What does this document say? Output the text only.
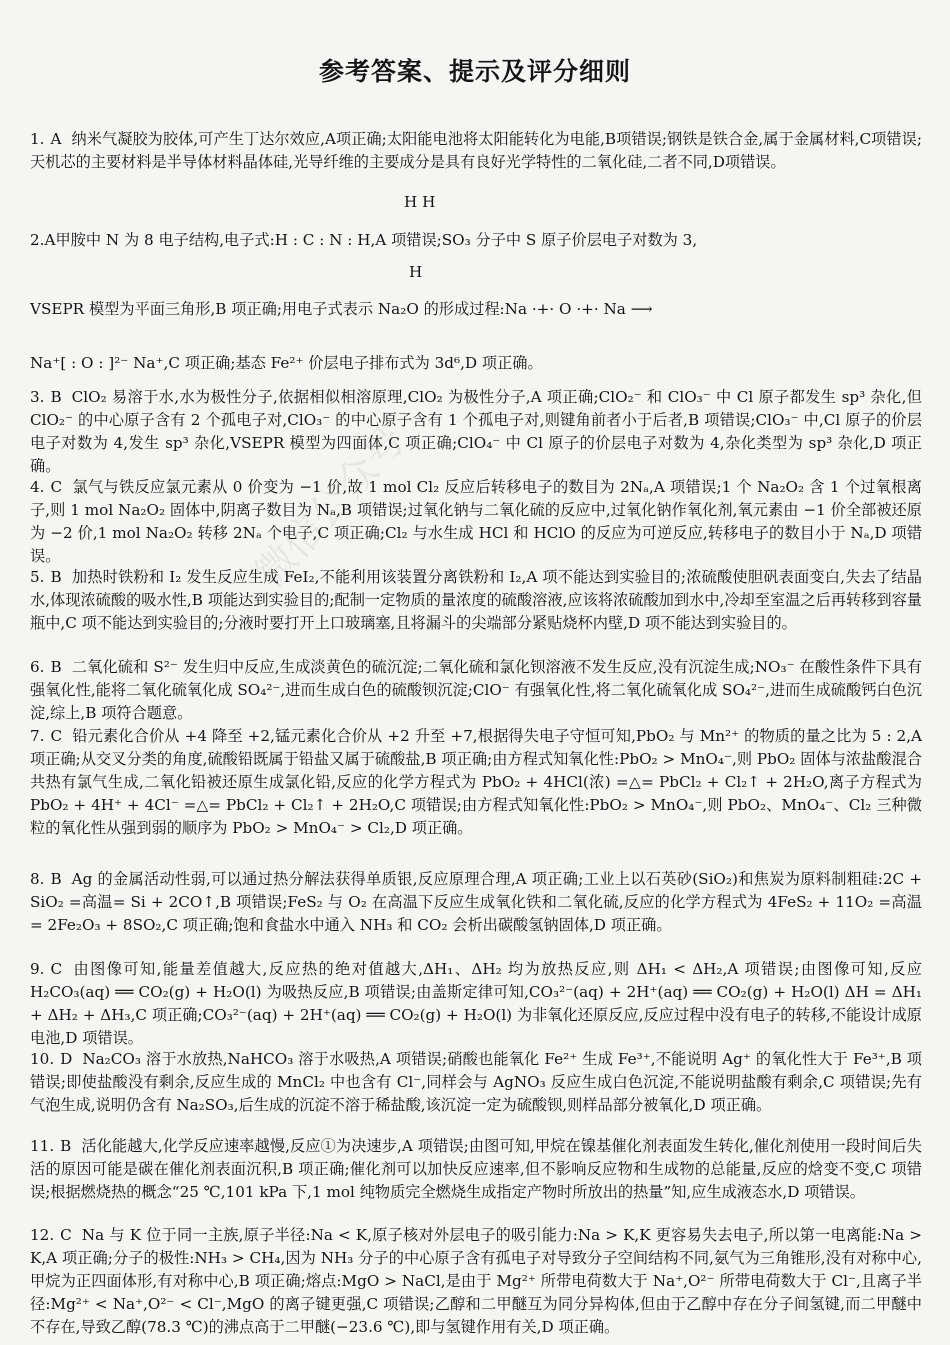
微信公众号
参考答案、提示及评分细则
1. A 纳米气凝胶为胶体,可产生丁达尔效应,A项正确;太阳能电池将太阳能转化为电能,B项错误;钢铁是铁合金,属于金属材料,C项错误;天机芯的主要材料是半导体材料晶体硅,光导纤维的主要成分是具有良好光学特性的二氧化硅,二者不同,D项错误。
H H
H
2.A甲胺中 N 为 8 电子结构,电子式:H : C : N : H,A 项错误;SO₃ 分子中 S 原子价层电子对数为 3,
VSEPR 模型为平面三角形,B 项正确;用电子式表示 Na₂O 的形成过程:Na ·+· O ·+· Na ⟶
Na⁺[ : O : ]²⁻ Na⁺,C 项正确;基态 Fe²⁺ 价层电子排布式为 3d⁶,D 项正确。
3. B ClO₂ 易溶于水,水为极性分子,依据相似相溶原理,ClO₂ 为极性分子,A 项正确;ClO₂⁻ 和 ClO₃⁻ 中 Cl 原子都发生 sp³ 杂化,但 ClO₂⁻ 的中心原子含有 2 个孤电子对,ClO₃⁻ 的中心原子含有 1 个孤电子对,则键角前者小于后者,B 项错误;ClO₃⁻ 中,Cl 原子的价层电子对数为 4,发生 sp³ 杂化,VSEPR 模型为四面体,C 项正确;ClO₄⁻ 中 Cl 原子的价层电子对数为 4,杂化类型为 sp³ 杂化,D 项正确。
4. C 氯气与铁反应氯元素从 0 价变为 −1 价,故 1 mol Cl₂ 反应后转移电子的数目为 2Nₐ,A 项错误;1 个 Na₂O₂ 含 1 个过氧根离子,则 1 mol Na₂O₂ 固体中,阴离子数目为 Nₐ,B 项错误;过氧化钠与二氧化硫的反应中,过氧化钠作氧化剂,氧元素由 −1 价全部被还原为 −2 价,1 mol Na₂O₂ 转移 2Nₐ 个电子,C 项正确;Cl₂ 与水生成 HCl 和 HClO 的反应为可逆反应,转移电子的数目小于 Nₐ,D 项错误。
5. B 加热时铁粉和 I₂ 发生反应生成 FeI₂,不能利用该装置分离铁粉和 I₂,A 项不能达到实验目的;浓硫酸使胆矾表面变白,失去了结晶水,体现浓硫酸的吸水性,B 项能达到实验目的;配制一定物质的量浓度的硫酸溶液,应该将浓硫酸加到水中,冷却至室温之后再转移到容量瓶中,C 项不能达到实验目的;分液时要打开上口玻璃塞,且将漏斗的尖端部分紧贴烧杯内壁,D 项不能达到实验目的。
6. B 二氧化硫和 S²⁻ 发生归中反应,生成淡黄色的硫沉淀;二氧化硫和氯化钡溶液不发生反应,没有沉淀生成;NO₃⁻ 在酸性条件下具有强氧化性,能将二氧化硫氧化成 SO₄²⁻,进而生成白色的硫酸钡沉淀;ClO⁻ 有强氧化性,将二氧化硫氧化成 SO₄²⁻,进而生成硫酸钙白色沉淀,综上,B 项符合题意。
7. C 铅元素化合价从 +4 降至 +2,锰元素化合价从 +2 升至 +7,根据得失电子守恒可知,PbO₂ 与 Mn²⁺ 的物质的量之比为 5 : 2,A 项正确;从交叉分类的角度,硫酸铅既属于铅盐又属于硫酸盐,B 项正确;由方程式知氧化性:PbO₂ > MnO₄⁻,则 PbO₂ 固体与浓盐酸混合共热有氯气生成,二氧化铅被还原生成氯化铅,反应的化学方程式为 PbO₂ + 4HCl(浓) =△= PbCl₂ + Cl₂↑ + 2H₂O,离子方程式为 PbO₂ + 4H⁺ + 4Cl⁻ =△= PbCl₂ + Cl₂↑ + 2H₂O,C 项错误;由方程式知氧化性:PbO₂ > MnO₄⁻,则 PbO₂、MnO₄⁻、Cl₂ 三种微粒的氧化性从强到弱的顺序为 PbO₂ > MnO₄⁻ > Cl₂,D 项正确。
8. B Ag 的金属活动性弱,可以通过热分解法获得单质银,反应原理合理,A 项正确;工业上以石英砂(SiO₂)和焦炭为原料制粗硅:2C + SiO₂ =高温= Si + 2CO↑,B 项错误;FeS₂ 与 O₂ 在高温下反应生成氧化铁和二氧化硫,反应的化学方程式为 4FeS₂ + 11O₂ =高温= 2Fe₂O₃ + 8SO₂,C 项正确;饱和食盐水中通入 NH₃ 和 CO₂ 会析出碳酸氢钠固体,D 项正确。
9. C 由图像可知,能量差值越大,反应热的绝对值越大,ΔH₁、ΔH₂ 均为放热反应,则 ΔH₁ < ΔH₂,A 项错误;由图像可知,反应 H₂CO₃(aq) ══ CO₂(g) + H₂O(l) 为吸热反应,B 项错误;由盖斯定律可知,CO₃²⁻(aq) + 2H⁺(aq) ══ CO₂(g) + H₂O(l) ΔH = ΔH₁ + ΔH₂ + ΔH₃,C 项正确;CO₃²⁻(aq) + 2H⁺(aq) ══ CO₂(g) + H₂O(l) 为非氧化还原反应,反应过程中没有电子的转移,不能设计成原电池,D 项错误。
10. D Na₂CO₃ 溶于水放热,NaHCO₃ 溶于水吸热,A 项错误;硝酸也能氧化 Fe²⁺ 生成 Fe³⁺,不能说明 Ag⁺ 的氧化性大于 Fe³⁺,B 项错误;即使盐酸没有剩余,反应生成的 MnCl₂ 中也含有 Cl⁻,同样会与 AgNO₃ 反应生成白色沉淀,不能说明盐酸有剩余,C 项错误;先有气泡生成,说明仍含有 Na₂SO₃,后生成的沉淀不溶于稀盐酸,该沉淀一定为硫酸钡,则样品部分被氧化,D 项正确。
11. B 活化能越大,化学反应速率越慢,反应①为决速步,A 项错误;由图可知,甲烷在镍基催化剂表面发生转化,催化剂使用一段时间后失活的原因可能是碳在催化剂表面沉积,B 项正确;催化剂可以加快反应速率,但不影响反应物和生成物的总能量,反应的焓变不变,C 项错误;根据燃烧热的概念“25 ℃,101 kPa 下,1 mol 纯物质完全燃烧生成指定产物时所放出的热量”知,应生成液态水,D 项错误。
12. C Na 与 K 位于同一主族,原子半径:Na < K,原子核对外层电子的吸引能力:Na > K,K 更容易失去电子,所以第一电离能:Na > K,A 项正确;分子的极性:NH₃ > CH₄,因为 NH₃ 分子的中心原子含有孤电子对导致分子空间结构不同,氨气为三角锥形,没有对称中心,甲烷为正四面体形,有对称中心,B 项正确;熔点:MgO > NaCl,是由于 Mg²⁺ 所带电荷数大于 Na⁺,O²⁻ 所带电荷数大于 Cl⁻,且离子半径:Mg²⁺ < Na⁺,O²⁻ < Cl⁻,MgO 的离子键更强,C 项错误;乙醇和二甲醚互为同分异构体,但由于乙醇中存在分子间氢键,而二甲醚中不存在,导致乙醇(78.3 ℃)的沸点高于二甲醚(−23.6 ℃),即与氢键作用有关,D 项正确。
